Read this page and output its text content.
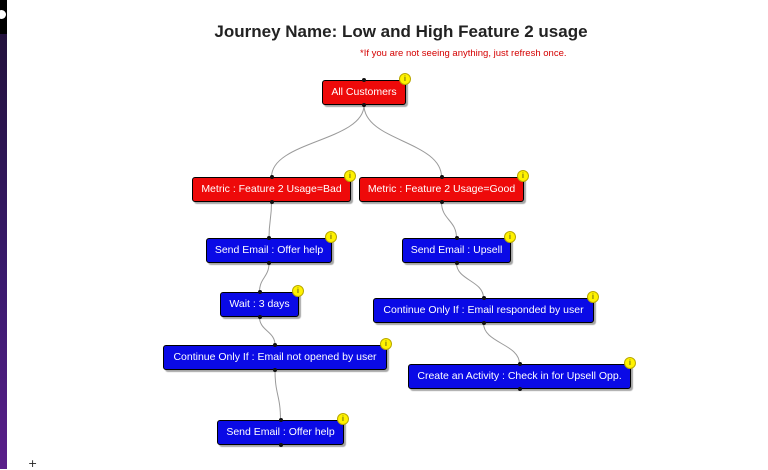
Journey Name: Low and High Feature 2 usage
*If you are not seeing anything, just refresh once.
All Customers
Metric : Feature 2 Usage=Bad	Metric : Feature 2 Usage=Good
Send Email : Offer help	Send Email : Upsell
Wait : 3 days	Continue Only If : Email responded by user
Continue Only If : Email not opened by user
Create an Activity : Check in for Upsell Opp.
Send Email : Offer help
+
i
i	i
i	i
i
i
i
i
i
